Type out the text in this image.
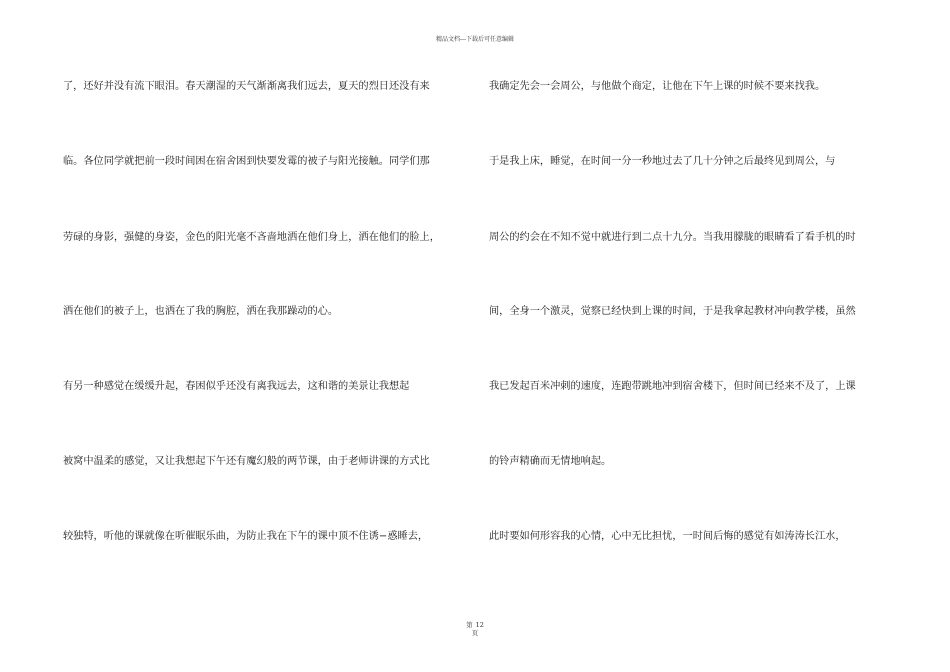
精品文档---下载后可任意编辑
了，还好并没有流下眼泪。春天潮湿的天气渐渐离我们远去，夏天的烈日还没有来
临。各位同学就把前一段时间困在宿舍困到快要发霉的被子与阳光接触。同学们那
劳碌的身影，强健的身姿，金色的阳光毫不吝啬地洒在他们身上，洒在他们的脸上，
洒在他们的被子上，也洒在了我的胸腔，洒在我那躁动的心。
有另一种感觉在缓缓升起，春困似乎还没有离我远去，这和谐的美景让我想起
被窝中温柔的感觉，又让我想起下午还有魔幻般的两节课，由于老师讲课的方式比
较独特，听他的课就像在听催眠乐曲，为防止我在下午的课中顶不住诱−惑睡去，
我确定先会一会周公，与他做个商定，让他在下午上课的时候不要来找我。
于是我上床，睡觉，在时间一分一秒地过去了几十分钟之后最终见到周公，与
周公的约会在不知不觉中就进行到二点十九分。当我用朦胧的眼睛看了看手机的时
间，全身一个激灵，觉察已经快到上课的时间，于是我拿起教材冲向教学楼，虽然
我已发起百米冲刺的速度，连跑带跳地冲到宿舍楼下，但时间已经来不及了，上课
的铃声精确而无情地响起。
此时要如何形容我的心情，心中无比担忧，一时间后悔的感觉有如涛涛长江水，
第 12
页
